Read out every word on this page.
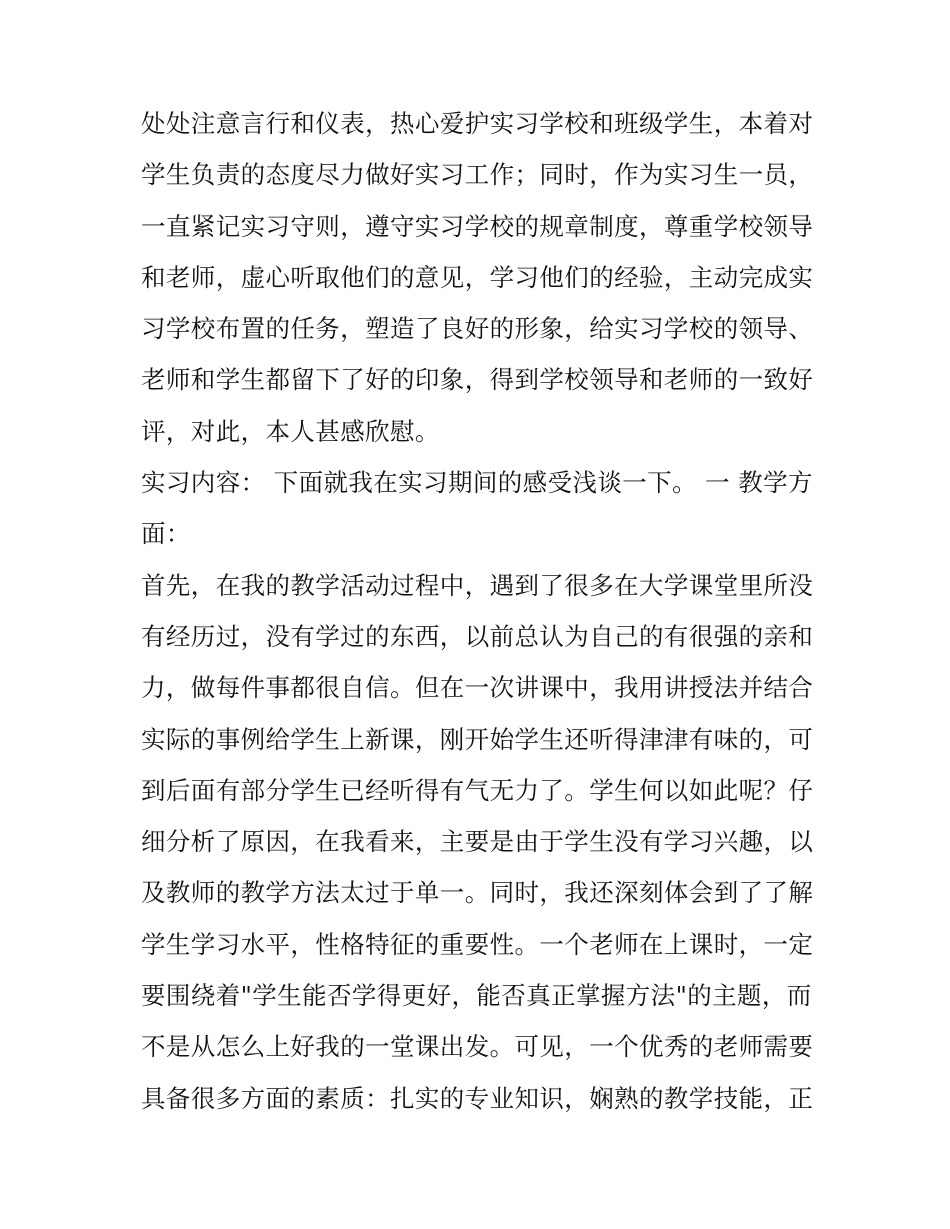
处处注意言行和仪表，热心爱护实习学校和班级学生，本着对
学生负责的态度尽力做好实习工作；同时，作为实习生一员，
一直紧记实习守则，遵守实习学校的规章制度，尊重学校领导
和老师，虚心听取他们的意见，学习他们的经验，主动完成实
习学校布置的任务，塑造了良好的形象，给实习学校的领导、
老师和学生都留下了好的印象，得到学校领导和老师的一致好
评，对此，本人甚感欣慰。
实习内容： 下面就我在实习期间的感受浅谈一下。 一 教学方
面：
首先，在我的教学活动过程中，遇到了很多在大学课堂里所没
有经历过，没有学过的东西，以前总认为自己的有很强的亲和
力，做每件事都很自信。但在一次讲课中，我用讲授法并结合
实际的事例给学生上新课，刚开始学生还听得津津有味的，可
到后面有部分学生已经听得有气无力了。学生何以如此呢？仔
细分析了原因，在我看来，主要是由于学生没有学习兴趣，以
及教师的教学方法太过于单一。同时，我还深刻体会到了了解
学生学习水平，性格特征的重要性。一个老师在上课时，一定
要围绕着"学生能否学得更好，能否真正掌握方法"的主题，而
不是从怎么上好我的一堂课出发。可见，一个优秀的老师需要
具备很多方面的素质：扎实的专业知识，娴熟的教学技能，正
